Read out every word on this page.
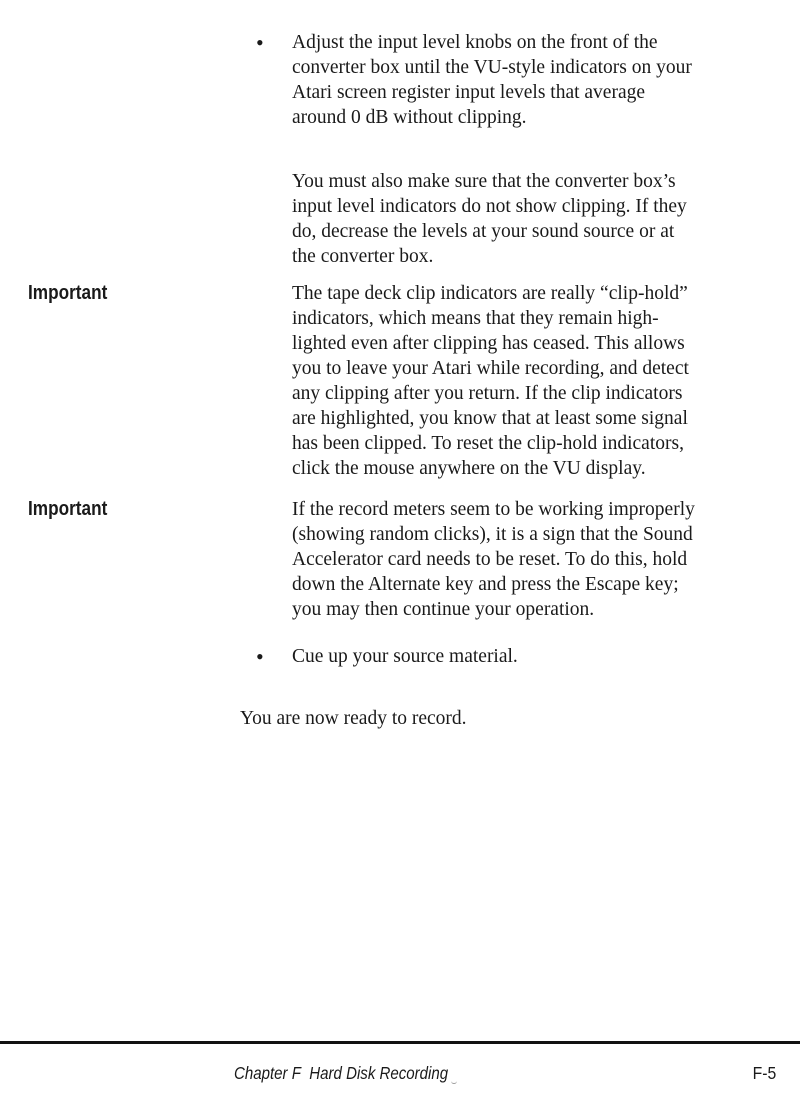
• Adjust the input level knobs on the front of the
converter box until the VU-style indicators on your
Atari screen register input levels that average
around 0 dB without clipping.
You must also make sure that the converter box’s
input level indicators do not show clipping. If they
do, decrease the levels at your sound source or at
the converter box.
Important	The tape deck clip indicators are really “clip-hold”
indicators, which means that they remain high-
lighted even after clipping has ceased. This allows
you to leave your Atari while recording, and detect
any clipping after you return. If the clip indicators
are highlighted, you know that at least some signal
has been clipped. To reset the clip-hold indicators,
click the mouse anywhere on the VU display.
Important	If the record meters seem to be working improperly
(showing random clicks), it is a sign that the Sound
Accelerator card needs to be reset. To do this, hold
down the Alternate key and press the Escape key;
you may then continue your operation.
• Cue up your source material.
You are now ready to record.
Chapter F Hard Disk Recording	F-5
